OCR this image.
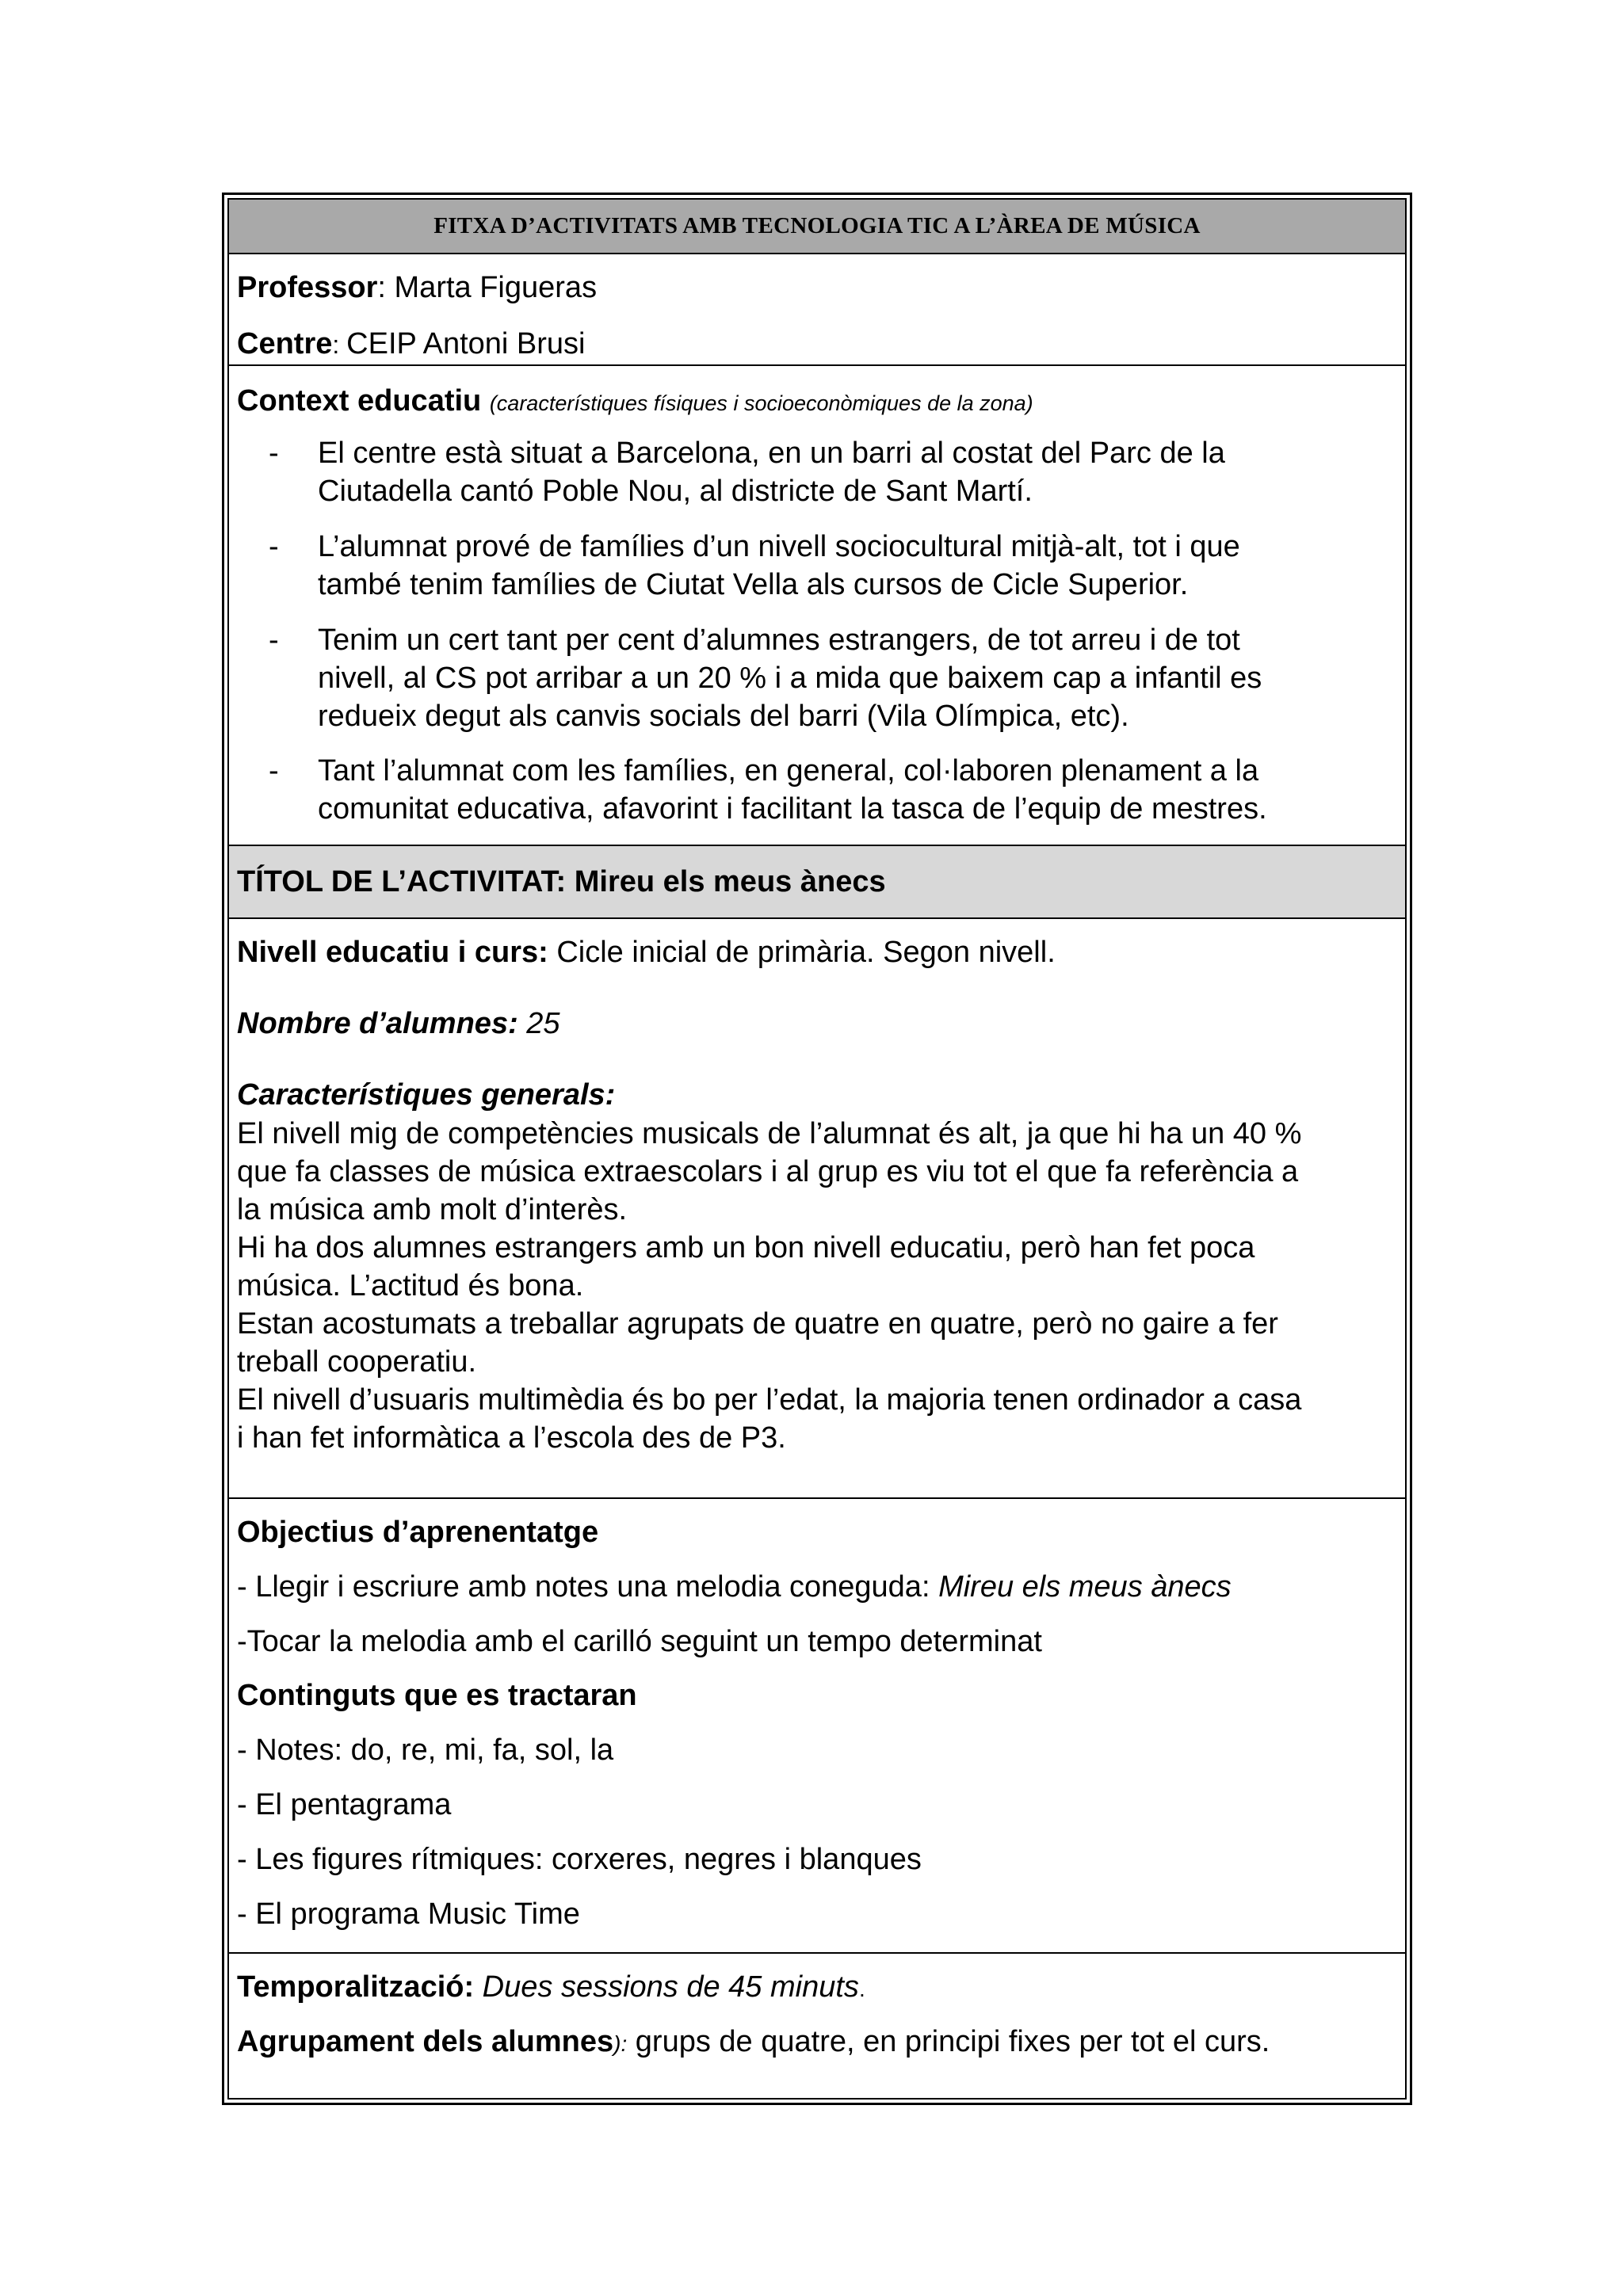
FITXA D’ACTIVITATS AMB TECNOLOGIA TIC A L’ÀREA DE MÚSICA
Professor: Marta Figueras
Centre: CEIP Antoni Brusi
Context educatiu (característiques físiques i socioeconòmiques de la zona)
- El centre està situat a Barcelona, en un barri al costat del Parc de la
Ciutadella cantó Poble Nou, al districte de Sant Martí.
- L’alumnat prové de famílies d’un nivell sociocultural mitjà-alt, tot i que
també tenim famílies de Ciutat Vella als cursos de Cicle Superior.
- Tenim un cert tant per cent d’alumnes estrangers, de tot arreu i de tot
nivell, al CS pot arribar a un 20 % i a mida que baixem cap a infantil es
redueix degut als canvis socials del barri (Vila Olímpica, etc).
- Tant l’alumnat com les famílies, en general, col·laboren plenament a la
comunitat educativa, afavorint i facilitant la tasca de l’equip de mestres.
TÍTOL DE L’ACTIVITAT: Mireu els meus ànecs
Nivell educatiu i curs: Cicle inicial de primària. Segon nivell.
Nombre d’alumnes: 25
Característiques generals:
El nivell mig de competències musicals de l’alumnat és alt, ja que hi ha un 40 %
que fa classes de música extraescolars i al grup es viu tot el que fa referència a
la música amb molt d’interès.
Hi ha dos alumnes estrangers amb un bon nivell educatiu, però han fet poca
música. L’actitud és bona.
Estan acostumats a treballar agrupats de quatre en quatre, però no gaire a fer
treball cooperatiu.
El nivell d’usuaris multimèdia és bo per l’edat, la majoria tenen ordinador a casa
i han fet informàtica a l’escola des de P3.
Objectius d’aprenentatge
- Llegir i escriure amb notes una melodia coneguda: Mireu els meus ànecs
-Tocar la melodia amb el carilló seguint un tempo determinat
Continguts que es tractaran
- Notes: do, re, mi, fa, sol, la
- El pentagrama
- Les figures rítmiques: corxeres, negres i blanques
- El programa Music Time
Temporalització: Dues sessions de 45 minuts.
Agrupament dels alumnes): grups de quatre, en principi fixes per tot el curs.
